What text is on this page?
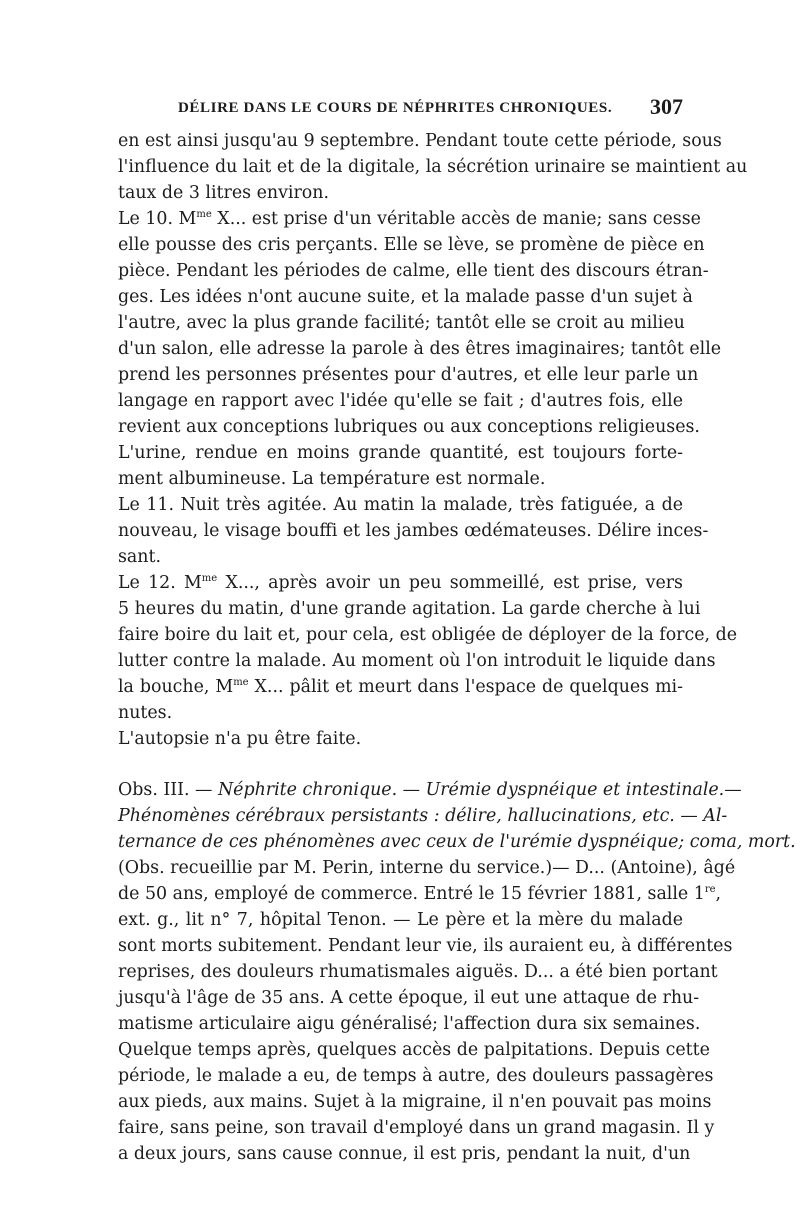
DÉLIRE DANS LE COURS DE NÉPHRITES CHRONIQUES. 307
en est ainsi jusqu'au 9 septembre. Pendant toute cette période, sous
l'influence du lait et de la digitale, la sécrétion urinaire se maintient au
taux de 3 litres environ.
Le 10. $M^{me}$ X... est prise d'un véritable accès de manie; sans cesse
elle pousse des cris perçants. Elle se lève, se promène de pièce en
pièce. Pendant les périodes de calme, elle tient des discours étran-
ges. Les idées n'ont aucune suite, et la malade passe d'un sujet à
l'autre, avec la plus grande facilité; tantôt elle se croit au milieu
d'un salon, elle adresse la parole à des êtres imaginaires; tantôt elle
prend les personnes présentes pour d'autres, et elle leur parle un
langage en rapport avec l'idée qu'elle se fait ; d'autres fois, elle
revient aux conceptions lubriques ou aux conceptions religieuses.
L'urine, rendue en moins grande quantité, est toujours forte-
ment albumineuse. La température est normale.
Le 11. Nuit très agitée. Au matin la malade, très fatiguée, a de
nouveau, le visage bouffi et les jambes œdémateuses. Délire inces-
sant.
Le 12. $M^{me}$ X..., après avoir un peu sommeillé, est prise, vers
5 heures du matin, d'une grande agitation. La garde cherche à lui
faire boire du lait et, pour cela, est obligée de déployer de la force, de
lutter contre la malade. Au moment où l'on introduit le liquide dans
la bouche, $M^{me}$ X... pâlit et meurt dans l'espace de quelques mi-
nutes.
L'autopsie n'a pu être faite.
Obs. III. — Néphrite chronique. — Urémie dyspnéique et intestinale.—
Phénomènes cérébraux persistants : délire, hallucinations, etc. — Al-
ternance de ces phénomènes avec ceux de l'urémie dyspnéique; coma, mort.
(Obs. recueillie par M. Perin, interne du service.)— D... (Antoine), âgé
de 50 ans, employé de commerce. Entré le 15 février 1881, salle 1re,
ext. g., lit n° 7, hôpital Tenon. — Le père et la mère du malade
sont morts subitement. Pendant leur vie, ils auraient eu, à différentes
reprises, des douleurs rhumatismales aiguës. D... a été bien portant
jusqu'à l'âge de 35 ans. A cette époque, il eut une attaque de rhu-
matisme articulaire aigu généralisé; l'affection dura six semaines.
Quelque temps après, quelques accès de palpitations. Depuis cette
période, le malade a eu, de temps à autre, des douleurs passagères
aux pieds, aux mains. Sujet à la migraine, il n'en pouvait pas moins
faire, sans peine, son travail d'employé dans un grand magasin. Il y
a deux jours, sans cause connue, il est pris, pendant la nuit, d'un
